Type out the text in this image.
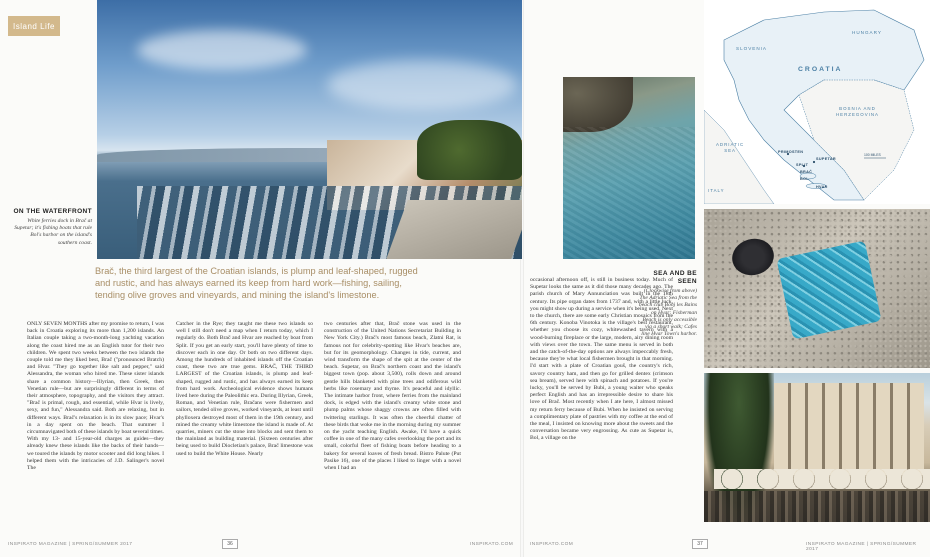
Island Life
ON THE WATERFRONT
White ferries dock in Brač at Supetar; it's fishing boats that rule Bol's harbor on the island's southern coast.
Brač, the third largest of the Croatian islands, is plump and leaf-shaped, rugged and rustic, and has always earned its keep from hard work—fishing, sailing, tending olive groves and vineyards, and mining the island's limestone.

ONLY SEVEN MONTHS after my promise to return, I was back in Croatia exploring its more than 1,200 islands. An Italian couple taking a two-month-long yachting vacation along the coast hired me as an English tutor for their two children. We spent two weeks between the two islands the couple told me they liked best, Brač ("pronounced Bratch) and Hvar. "They go together like salt and pepper," said Alessandra, the woman who hired me. These sister islands share a common history—Illyrian, then Greek, then Venetian rule—but are surprisingly different in terms of their atmosphere, topography, and the visitors they attract. "Brač is primal, rough, and essential, while Hvar is lively, sexy, and fun," Alessandra said. Both are relaxing, but in different ways. Brač's relaxation is in its slow pace; Hvar's in a day spent on the beach. That summer I circumnavigated both of these islands by boat several times. With my 13- and 15-year-old charges as guides—they already knew these islands like the backs of their hands—we toured the islands by motor scooter and did long hikes. I helped them with the intricacies of J.D. Salinger's novel The

Catcher in the Rye; they taught me these two islands so well I still don't need a map when I return today, which I regularly do. Both Brač and Hvar are reached by boat from Split. If you get an early start, you'll have plenty of time to discover each in one day. Or both on two different days. Among the hundreds of inhabited islands off the Croatian coast, these two are true gems. BRAČ, THE THIRD LARGEST of the Croatian islands, is plump and leaf-shaped, rugged and rustic, and has always earned its keep from hard work. Archeological evidence shows humans lived here during the Paleolithic era. During Illyrian, Greek, Roman, and Venetian rule, Bračans were fishermen and sailors, tended olive groves, worked vineyards, at least until phylloxera destroyed most of them in the 19th century, and mined the creamy white limestone the island is made of. At quarries, miners cut the stone into blocks and sent them to the mainland as building material. (Sixteen centuries after being used to build Diocletian's palace, Brač limestone was used to build the White House. Nearly

two centuries after that, Brač stone was used in the construction of the United Nations Secretariat Building in New York City.) Brač's most famous beach, Zlatni Rat, is famous not for celebrity-spotting like Hvar's beaches are, but for its geomorphology. Changes in tide, current, and wind transform the shape of the spit at the center of the beach. Supetar, on Brač's northern coast and the island's biggest town (pop. about 3,500), rolls down and around gentle hills blanketed with pine trees and odiferous wild herbs like rosemary and thyme. It's peaceful and idyllic. The intimate harbor front, where ferries from the mainland dock, is edged with the island's creamy white stone and plump palms whose shaggy crowns are often filled with twittering starlings. It was often the cheerful chatter of these birds that woke me in the morning during my summer on the yacht teaching English. Awake, I'd have a quick coffee in one of the many cafes overlooking the port and its small, colorful fleet of fishing boats before heading to a bakery for several loaves of fresh bread. Bistro Palute (Put Pasike 16), one of the places I liked to linger with a novel when I had an

occasional afternoon off, is still in business today. Much of Supetar looks the same as it did those many decades ago. The parish church of Mary Annunciation was built in the 18th century. Its pipe organ dates from 1737 and, with a little luck, you might show up during a service when it's being used. Next to the church, there are some early Christian mosaics from the 6th century. Konoba Vinotoka is the village's best restaurant, whether you choose its cozy, whitewashed tavern with a wood-burning fireplace or the large, modern, airy dining room with views over the town. The same menu is served in both and the catch-of-the-day options are always impeccably fresh, because they're what local fishermen brought in that morning. I'd start with a plate of Croatian gouš, the country's rich, savory country ham, and then go for grilled dentex (crimson sea bream), served here with spinach and potatoes. If you're lucky, you'll be served by Bubi, a young waiter who speaks perfect English and has an irrepressible desire to share his love of Brač. Most recently when I ate here, I almost missed my return ferry because of Bubi. When he insisted on serving a complimentary plate of pastries with my coffee at the end of the meal, I insisted on knowing more about the sweets and the conversation became very engrossing. As cute as Supetar is, Bol, a village on the

INSPIRATO MAGAZINE | SPRING/SUMMER 2017	36	INSPIRATO.COM	INSPIRATO.COM	37	INSPIRATO MAGAZINE | SPRING/SUMMER 2017
HUNGARY
SLOVENIA
CROATIA
BOSNIA AND
HERZEGOVINA
ADRIATIC
SEA
ITALY
PRIMOSTEN
SPLIT
BRAČ
BOL
SUPETAR
HVAR
100 MILES
SEA AND BE SEEN
(Clockwise from above) The Adriatic Sea from the beach club Bonj les Bains on Hvar; Fisherman Beach is only accessible via a short walk; Cafes line Hvar Town's harbor.
